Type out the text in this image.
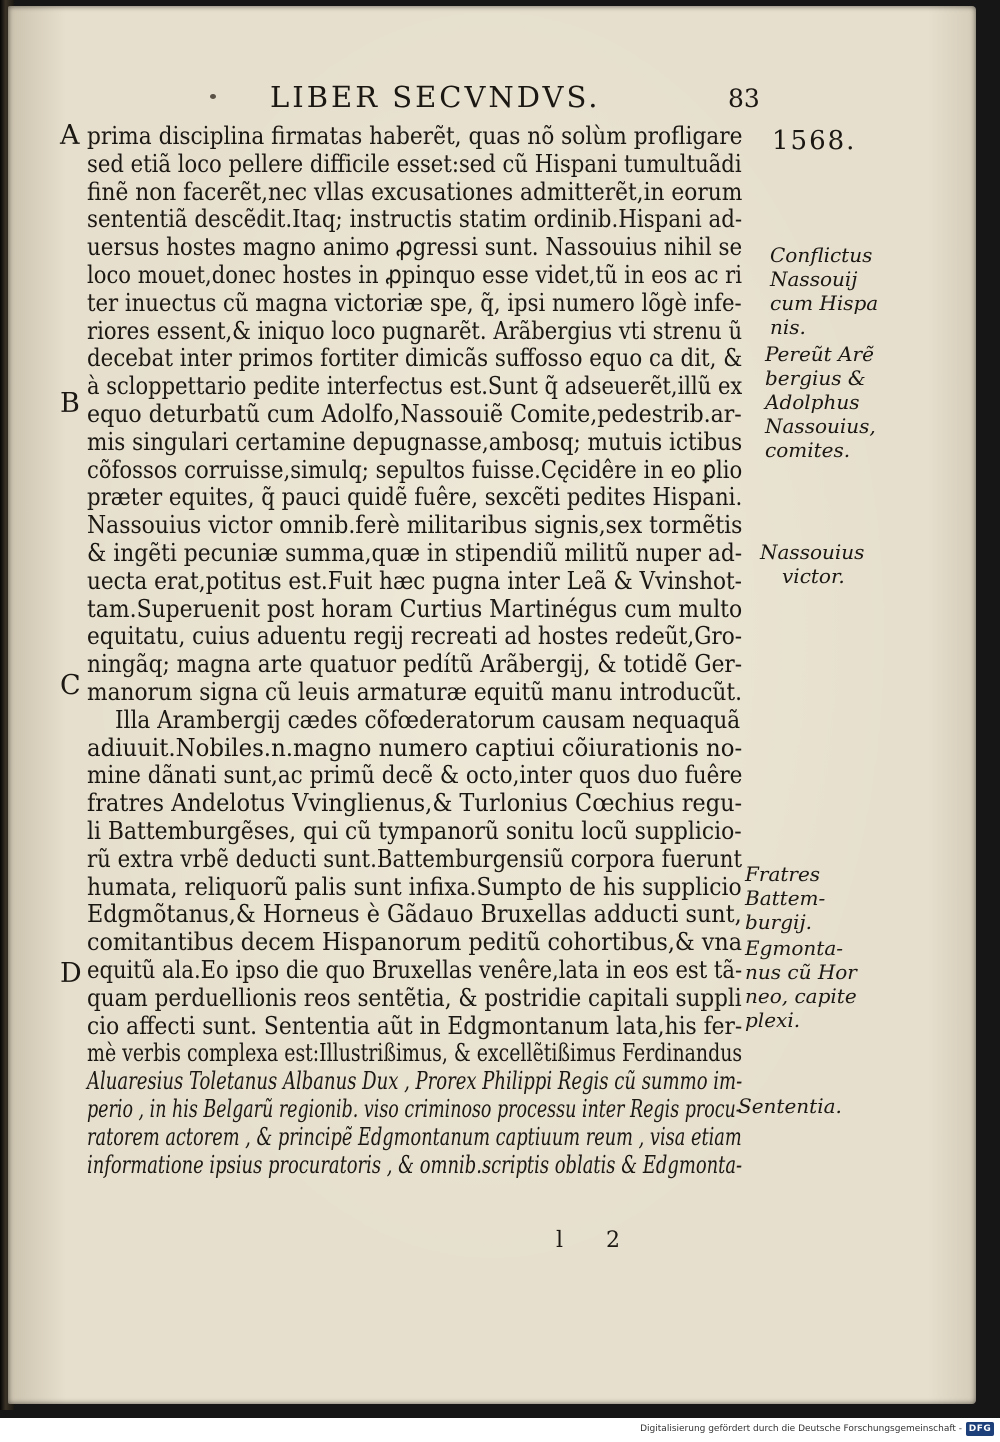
LIBER SECVNDVS.	83
1568.
A
B
C
D
prima disciplina firmatas haberẽt, quas nõ solùm profligare
sed etiã loco pellere difficile esset:sed cũ Hispani tumultuãdi
finẽ non facerẽt,nec vllas excusationes admitterẽt,in eorum
sententiã descẽdit.Itaq; instructis statim ordinib.Hispani ad-
uersus hostes magno animo ꝓgressi sunt. Nassouius nihil se
loco mouet,donec hostes in ꝓpinquo esse videt,tũ in eos ac ri
ter inuectus cũ magna victoriæ spe, q̃, ipsi numero lõgè infe-
riores essent,& iniquo loco pugnarẽt. Arãbergius vti strenu ũ
decebat inter primos fortiter dimicãs suffosso equo ca dit, &
à scloppettario pedite interfectus est.Sunt q̃ adseuerẽt,illũ ex
equo deturbatũ cum Adolfo,Nassouiẽ Comite,pedestrib.ar-
mis singulari certamine depugnasse,ambosq; mutuis ictibus
cõfossos corruisse,simulq; sepultos fuisse.Cęcidêre in eo ꝑlio
præter equites, q̃ pauci quidẽ fuêre, sexcẽti pedites Hispani.
Nassouius victor omnib.ferè militaribus signis,sex tormẽtis
& ingẽti pecuniæ summa,quæ in stipendiũ militũ nuper ad-
uecta erat,potitus est.Fuit hæc pugna inter Leã & Vvinshot-
tam.Superuenit post horam Curtius Martinégus cum multo
equitatu, cuius aduentu regij recreati ad hostes redeũt,Gro-
ningãq; magna arte quatuor pedítũ Arãbergij, & totidẽ Ger-
manorum signa cũ leuis armaturæ equitũ manu introducũt.
Illa Arambergij cædes cõfœderatorum causam nequaquã
adiuuit.Nobiles.n.magno numero captiui cõiurationis no-
mine dãnati sunt,ac primũ decẽ & octo,inter quos duo fuêre
fratres Andelotus Vvinglienus,& Turlonius Cœchius regu-
li Battemburgẽses, qui cũ tympanorũ sonitu locũ supplicio-
rũ extra vrbẽ deducti sunt.Battemburgensiũ corpora fuerunt
humata, reliquorũ palis sunt infixa.Sumpto de his supplicio
Edgmõtanus,& Horneus è Gãdauo Bruxellas adducti sunt,
comitantibus decem Hispanorum peditũ cohortibus,& vna
equitũ ala.Eo ipso die quo Bruxellas venêre,lata in eos est tã-
quam perduellionis reos sentẽtia, & postridie capitali suppli
cio affecti sunt. Sententia aũt in Edgmontanum lata,his fer-
mè verbis complexa est:Illustrißimus, & excellẽtißimus Ferdinandus
Aluaresius Toletanus Albanus Dux , Prorex Philippi Regis cũ summo im-
perio , in his Belgarũ regionib. viso criminoso processu inter Regis procu-
ratorem actorem , & principẽ Edgmontanum captiuum reum , visa etiam
informatione ipsius procuratoris , & omnib.scriptis oblatis & Edgmonta-
Conflictus
Nassouij
cum Hispa
nis.
Pereũt Arẽ
bergius &
Adolphus
Nassouius,
comites.
Nassouius
victor.
Fratres
Battem-
burgij.
Egmonta-
nus cũ Hor
neo, capite
plexi.
Sententia.
l 2
Digitalisierung gefördert durch die Deutsche Forschungsgemeinschaft - DFG
